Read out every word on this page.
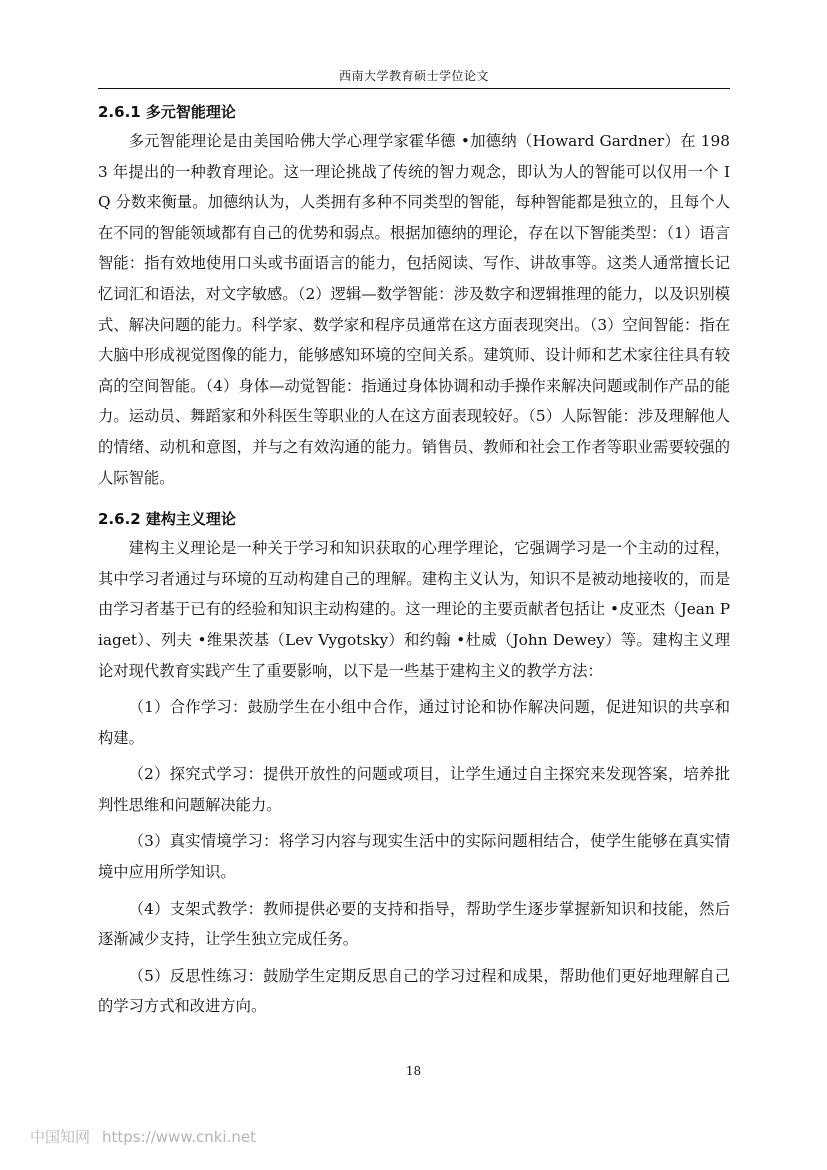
西南大学教育硕士学位论文
2.6.1 多元智能理论

多元智能理论是由美国哈佛大学心理学家霍华德 •加德纳（Howard Gardner）在 1983 年提出的一种教育理论。这一理论挑战了传统的智力观念，即认为人的智能可以仅用一个 IQ 分数来衡量。加德纳认为，人类拥有多种不同类型的智能，每种智能都是独立的，且每个人在不同的智能领域都有自己的优势和弱点。根据加德纳的理论，存在以下智能类型：（1）语言智能：指有效地使用口头或书面语言的能力，包括阅读、写作、讲故事等。这类人通常擅长记忆词汇和语法，对文字敏感。（2）逻辑—数学智能：涉及数字和逻辑推理的能力，以及识别模式、解决问题的能力。科学家、数学家和程序员通常在这方面表现突出。（3）空间智能：指在大脑中形成视觉图像的能力，能够感知环境的空间关系。建筑师、设计师和艺术家往往具有较高的空间智能。（4）身体—动觉智能：指通过身体协调和动手操作来解决问题或制作产品的能力。运动员、舞蹈家和外科医生等职业的人在这方面表现较好。（5）人际智能：涉及理解他人的情绪、动机和意图，并与之有效沟通的能力。销售员、教师和社会工作者等职业需要较强的人际智能。

2.6.2 建构主义理论

建构主义理论是一种关于学习和知识获取的心理学理论，它强调学习是一个主动的过程，其中学习者通过与环境的互动构建自己的理解。建构主义认为，知识不是被动地接收的，而是由学习者基于已有的经验和知识主动构建的。这一理论的主要贡献者包括让 •皮亚杰（Jean Piaget）、列夫 •维果茨基（Lev Vygotsky）和约翰 •杜威（John Dewey）等。建构主义理论对现代教育实践产生了重要影响，以下是一些基于建构主义的教学方法：

（1）合作学习：鼓励学生在小组中合作，通过讨论和协作解决问题，促进知识的共享和构建。

（2）探究式学习：提供开放性的问题或项目，让学生通过自主探究来发现答案，培养批判性思维和问题解决能力。

（3）真实情境学习：将学习内容与现实生活中的实际问题相结合，使学生能够在真实情境中应用所学知识。

（4）支架式教学：教师提供必要的支持和指导，帮助学生逐步掌握新知识和技能，然后逐渐减少支持，让学生独立完成任务。

（5）反思性练习：鼓励学生定期反思自己的学习过程和成果，帮助他们更好地理解自己的学习方式和改进方向。

18
中国知网 https://www.cnki.net
